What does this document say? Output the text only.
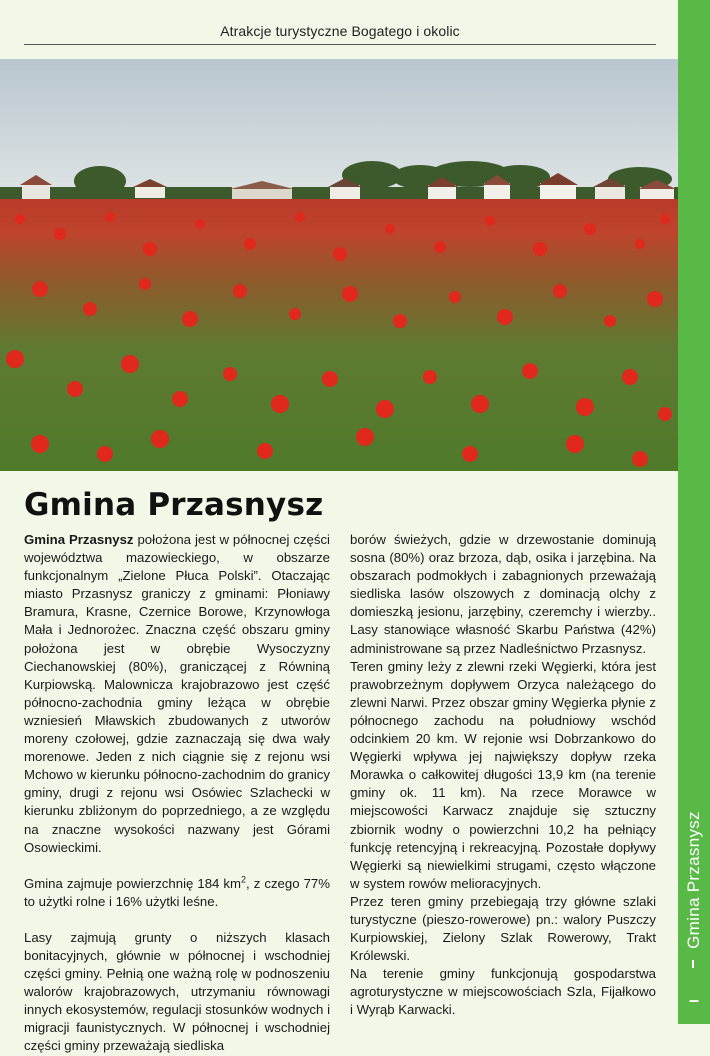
Atrakcje turystyczne Bogatego i okolic
Gmina Przasnysz
–
Gmina Przasnysz

Gmina Przasnysz położona jest w północnej części województwa mazowieckiego, w obszarze funkcjonalnym „Zielone Płuca Polski”. Otaczając miasto Przasnysz graniczy z gminami: Płoniawy Bramura, Krasne, Czernice Borowe, Krzynowłoga Mała i Jednorożec. Znaczna część obszaru gminy położona jest w obrębie Wysoczyzny Ciechanowskiej (80%), graniczącej z Równiną Kurpiowską. Malownicza krajobrazowo jest część północno-zachodnia gminy leżąca w obrębie wzniesień Mławskich zbudowanych z utworów moreny czołowej, gdzie zaznaczają się dwa wały morenowe. Jeden z nich ciągnie się z rejonu wsi Mchowo w kierunku północno-zachodnim do granicy gminy, drugi z rejonu wsi Osówiec Szlachecki w kierunku zbliżonym do poprzedniego, a ze względu na znaczne wysokości nazwany jest Górami Osowieckimi.

Gmina zajmuje powierzchnię 184 $km^2$, z czego 77% to użytki rolne i 16% użytki leśne.

Lasy zajmują grunty o niższych klasach bonitacyjnych, głównie w północnej i wschodniej części gminy. Pełnią one ważną rolę w podnoszeniu walorów krajobrazowych, utrzymaniu równowagi innych ekosystemów, regulacji stosunków wodnych i migracji faunistycznych. W północnej i wschodniej części gminy przeważają siedliska

borów świeżych, gdzie w drzewostanie dominują sosna (80%) oraz brzoza, dąb, osika i jarzębina. Na obszarach podmokłych i zabagnionych przeważają siedliska lasów olszowych z dominacją olchy z domieszką jesionu, jarzębiny, czeremchy i wierzby.. Lasy stanowiące własność Skarbu Państwa (42%) administrowane są przez Nadleśnictwo Przasnysz.

Teren gminy leży z zlewni rzeki Węgierki, która jest prawobrzeżnym dopływem Orzyca należącego do zlewni Narwi. Przez obszar gminy Węgierka płynie z północnego zachodu na południowy wschód odcinkiem 20 km. W rejonie wsi Dobrzankowo do Węgierki wpływa jej największy dopływ rzeka Morawka o całkowitej długości 13,9 km (na terenie gminy ok. 11 km). Na rzece Morawce w miejscowości Karwacz znajduje się sztuczny zbiornik wodny o powierzchni 10,2 ha pełniący funkcję retencyjną i rekreacyjną. Pozostałe dopływy Węgierki są niewielkimi strugami, często włączone w system rowów melioracyjnych.

Przez teren gminy przebiegają trzy główne szlaki turystyczne (pieszo-rowerowe) pn.: walory Puszczy Kurpiowskiej, Zielony Szlak Rowerowy, Trakt Królewski.

Na terenie gminy funkcjonują gospodarstwa agroturystyczne w miejscowościach Szla, Fijałkowo i Wyrąb Karwacki.
